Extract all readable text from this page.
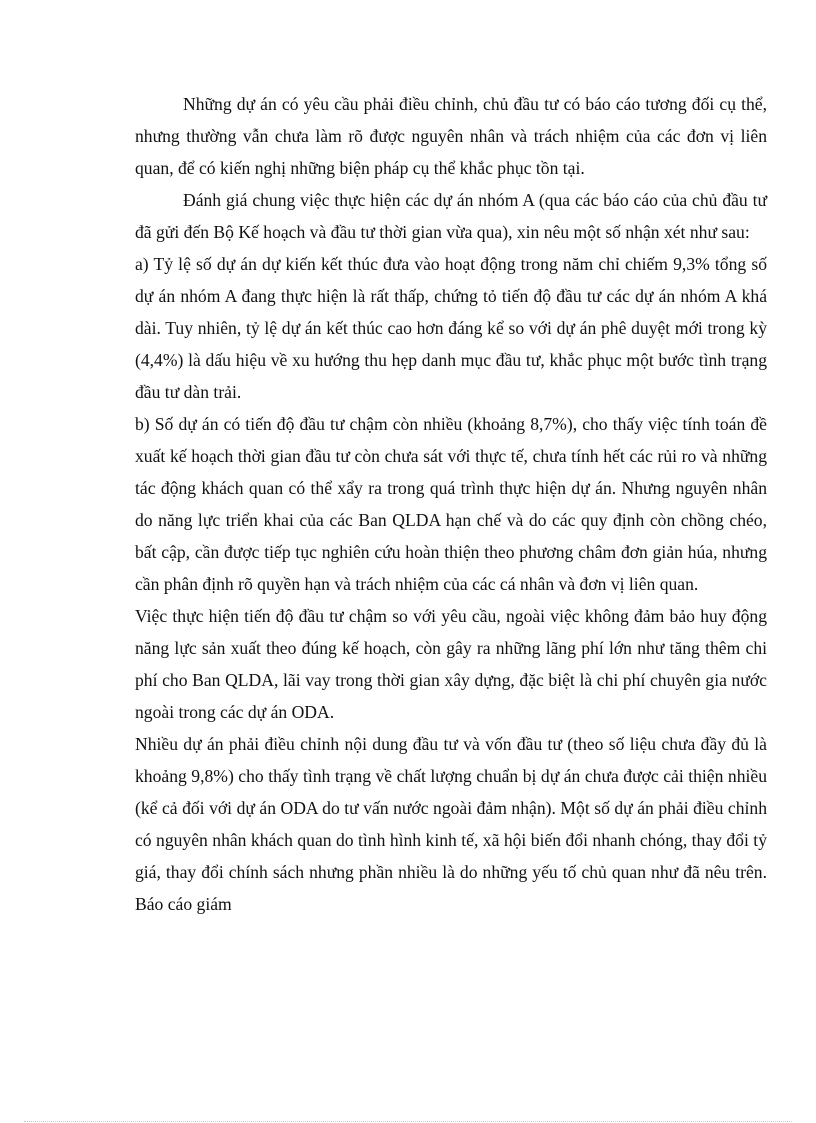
Những dự án có yêu cầu phải điều chỉnh, chủ đầu tư có báo cáo tương đối cụ thể, nhưng thường vẫn chưa làm rõ được nguyên nhân và trách nhiệm của các đơn vị liên quan, để có kiến nghị những biện pháp cụ thể khắc phục tồn tại.

Đánh giá chung việc thực hiện các dự án nhóm A (qua các báo cáo của chủ đầu tư đã gửi đến Bộ Kế hoạch và đầu tư thời gian vừa qua), xin nêu một số nhận xét như sau:

a) Tỷ lệ số dự án dự kiến kết thúc đưa vào hoạt động trong năm chỉ chiếm 9,3% tổng số dự án nhóm A đang thực hiện là rất thấp, chứng tỏ tiến độ đầu tư các dự án nhóm A khá dài. Tuy nhiên, tỷ lệ dự án kết thúc cao hơn đáng kể so với dự án phê duyệt mới trong kỳ (4,4%) là dấu hiệu về xu hướng thu hẹp danh mục đầu tư, khắc phục một bước tình trạng đầu tư dàn trải.

b) Số dự án có tiến độ đầu tư chậm còn nhiều (khoảng 8,7%), cho thấy việc tính toán đề xuất kế hoạch thời gian đầu tư còn chưa sát với thực tế, chưa tính hết các rủi ro và những tác động khách quan có thể xẩy ra trong quá trình thực hiện dự án. Nhưng nguyên nhân do năng lực triển khai của các Ban QLDA hạn chế và do các quy định còn chồng chéo, bất cập, cần được tiếp tục nghiên cứu hoàn thiện theo phương châm đơn giản húa, nhưng cần phân định rõ quyền hạn và trách nhiệm của các cá nhân và đơn vị liên quan.

Việc thực hiện tiến độ đầu tư chậm so với yêu cầu, ngoài việc không đảm bảo huy động năng lực sản xuất theo đúng kế hoạch, còn gây ra những lãng phí lớn như tăng thêm chi phí cho Ban QLDA, lãi vay trong thời gian xây dựng, đặc biệt là chi phí chuyên gia nước ngoài trong các dự án ODA.

Nhiều dự án phải điều chỉnh nội dung đầu tư và vốn đầu tư (theo số liệu chưa đầy đủ là khoảng 9,8%) cho thấy tình trạng về chất lượng chuẩn bị dự án chưa được cải thiện nhiều (kể cả đối với dự án ODA do tư vấn nước ngoài đảm nhận). Một số dự án phải điều chỉnh có nguyên nhân khách quan do tình hình kinh tế, xã hội biến đổi nhanh chóng, thay đổi tỷ giá, thay đổi chính sách nhưng phần nhiều là do những yếu tố chủ quan như đã nêu trên. Báo cáo giám
